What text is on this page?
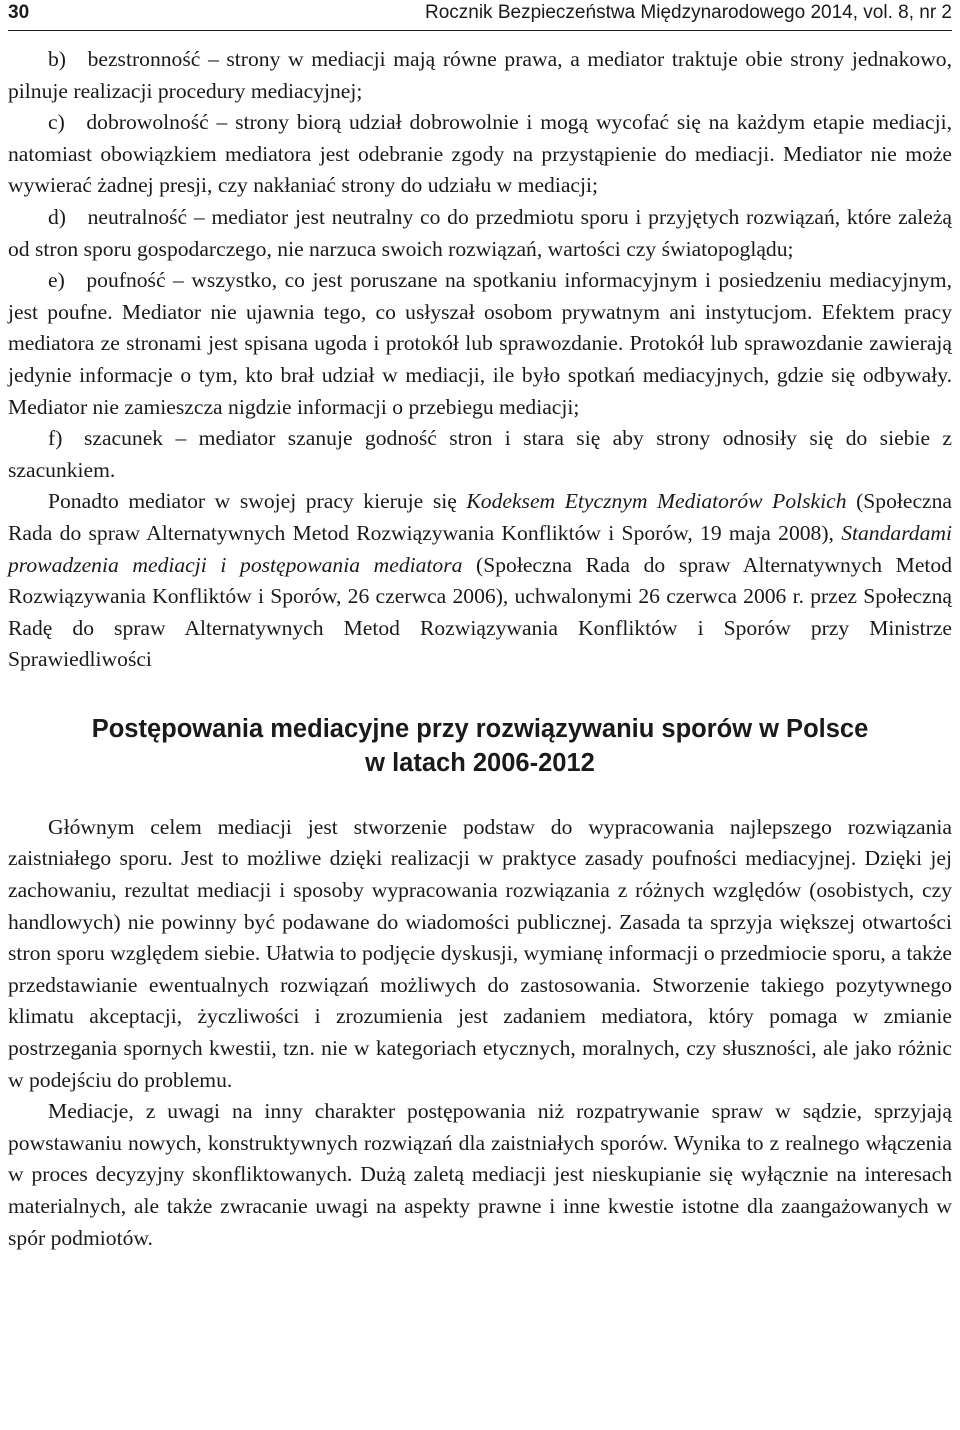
30	Rocznik Bezpieczeństwa Międzynarodowego 2014, vol. 8, nr 2

b) bezstronność – strony w mediacji mają równe prawa, a mediator traktuje obie strony jednakowo, pilnuje realizacji procedury mediacyjnej;

c) dobrowolność – strony biorą udział dobrowolnie i mogą wycofać się na każdym etapie mediacji, natomiast obowiązkiem mediatora jest odebranie zgody na przystąpienie do mediacji. Mediator nie może wywierać żadnej presji, czy nakłaniać strony do udziału w mediacji;

d) neutralność – mediator jest neutralny co do przedmiotu sporu i przyjętych rozwiązań, które zależą od stron sporu gospodarczego, nie narzuca swoich rozwiązań, wartości czy światopoglądu;

e) poufność – wszystko, co jest poruszane na spotkaniu informacyjnym i posiedzeniu mediacyjnym, jest poufne. Mediator nie ujawnia tego, co usłyszał osobom prywatnym ani instytucjom. Efektem pracy mediatora ze stronami jest spisana ugoda i protokół lub sprawozdanie. Protokół lub sprawozdanie zawierają jedynie informacje o tym, kto brał udział w mediacji, ile było spotkań mediacyjnych, gdzie się odbywały. Mediator nie zamieszcza nigdzie informacji o przebiegu mediacji;

f) szacunek – mediator szanuje godność stron i stara się aby strony odnosiły się do siebie z szacunkiem.

Ponadto mediator w swojej pracy kieruje się Kodeksem Etycznym Mediatorów Polskich (Społeczna Rada do spraw Alternatywnych Metod Rozwiązywania Konfliktów i Sporów, 19 maja 2008), Standardami prowadzenia mediacji i postępowania mediatora (Społeczna Rada do spraw Alternatywnych Metod Rozwiązywania Konfliktów i Sporów, 26 czerwca 2006), uchwalonymi 26 czerwca 2006 r. przez Społeczną Radę do spraw Alternatywnych Metod Rozwiązywania Konfliktów i Sporów przy Ministrze Sprawiedliwości

Postępowania mediacyjne przy rozwiązywaniu sporów w Polsce
w latach 2006-2012

Głównym celem mediacji jest stworzenie podstaw do wypracowania najlepszego rozwiązania zaistniałego sporu. Jest to możliwe dzięki realizacji w praktyce zasady poufności mediacyjnej. Dzięki jej zachowaniu, rezultat mediacji i sposoby wypracowania rozwiązania z różnych względów (osobistych, czy handlowych) nie powinny być podawane do wiadomości publicznej. Zasada ta sprzyja większej otwartości stron sporu względem siebie. Ułatwia to podjęcie dyskusji, wymianę informacji o przedmiocie sporu, a także przedstawianie ewentualnych rozwiązań możliwych do zastosowania. Stworzenie takiego pozytywnego klimatu akceptacji, życzliwości i zrozumienia jest zadaniem mediatora, który pomaga w zmianie postrzegania spornych kwestii, tzn. nie w kategoriach etycznych, moralnych, czy słuszności, ale jako różnic w podejściu do problemu.

Mediacje, z uwagi na inny charakter postępowania niż rozpatrywanie spraw w sądzie, sprzyjają powstawaniu nowych, konstruktywnych rozwiązań dla zaistniałych sporów. Wynika to z realnego włączenia w proces decyzyjny skonfliktowanych. Dużą zaletą mediacji jest nieskupianie się wyłącznie na interesach materialnych, ale także zwracanie uwagi na aspekty prawne i inne kwestie istotne dla zaangażowanych w spór podmiotów.
